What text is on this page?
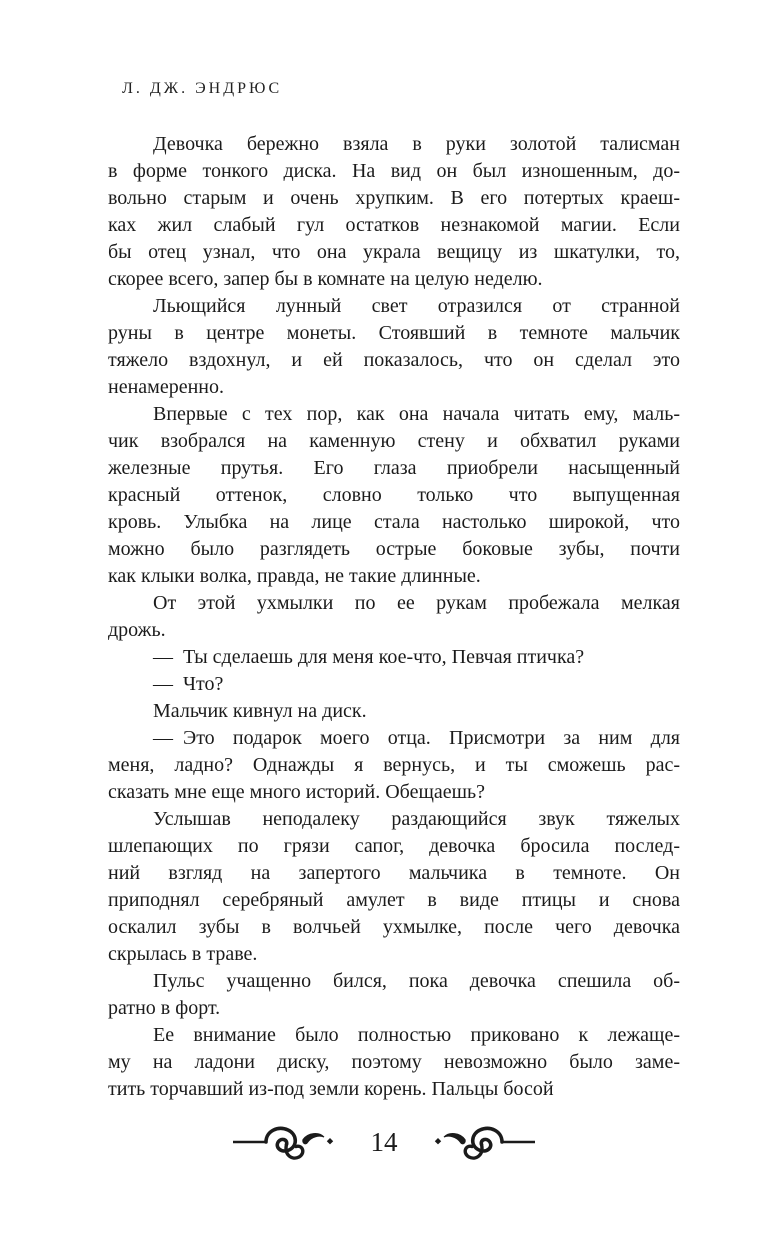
Л. ДЖ. ЭНДРЮС
Девочка бережно взяла в руки золотой талисман
в форме тонкого диска. На вид он был изношенным, до-
вольно старым и очень хрупким. В его потертых краеш-
ках жил слабый гул остатков незнакомой магии. Если
бы отец узнал, что она украла вещицу из шкатулки, то,
скорее всего, запер бы в комнате на целую неделю.
Льющийся лунный свет отразился от странной
руны в центре монеты. Стоявший в темноте мальчик
тяжело вздохнул, и ей показалось, что он сделал это
ненамеренно.
Впервые с тех пор, как она начала читать ему, маль-
чик взобрался на каменную стену и обхватил руками
железные прутья. Его глаза приобрели насыщенный
красный оттенок, словно только что выпущенная
кровь. Улыбка на лице стала настолько широкой, что
можно было разглядеть острые боковые зубы, почти
как клыки волка, правда, не такие длинные.
От этой ухмылки по ее рукам пробежала мелкая
дрожь.
— Ты сделаешь для меня кое-что, Певчая птичка?
— Что?
Мальчик кивнул на диск.
— Это подарок моего отца. Присмотри за ним для
меня, ладно? Однажды я вернусь, и ты сможешь рас-
сказать мне еще много историй. Обещаешь?
Услышав неподалеку раздающийся звук тяжелых
шлепающих по грязи сапог, девочка бросила послед-
ний взгляд на запертого мальчика в темноте. Он
приподнял серебряный амулет в виде птицы и снова
оскалил зубы в волчьей ухмылке, после чего девочка
скрылась в траве.
Пульс учащенно бился, пока девочка спешила об-
ратно в форт.
Ее внимание было полностью приковано к лежаще-
му на ладони диску, поэтому невозможно было заме-
тить торчавший из-под земли корень. Пальцы босой
14
